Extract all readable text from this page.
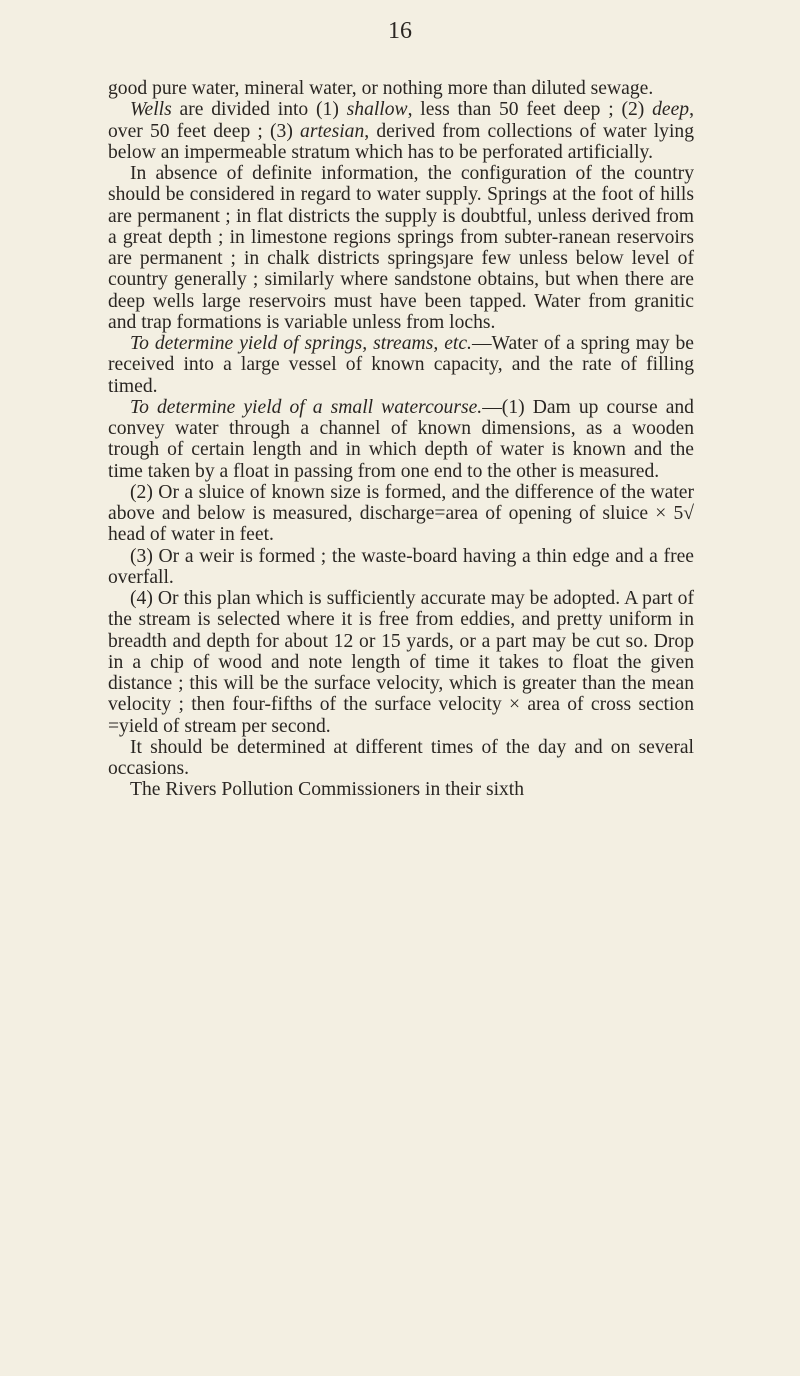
16

good pure water, mineral water, or nothing more than diluted sewage.

Wells are divided into (1) shallow, less than 50 feet deep ; (2) deep, over 50 feet deep ; (3) artesian, derived from collections of water lying below an impermeable stratum which has to be perforated artificially.

In absence of definite information, the configuration of the country should be considered in regard to water supply. Springs at the foot of hills are permanent ; in flat districts the supply is doubtful, unless derived from a great depth ; in limestone regions springs from subter-ranean reservoirs are permanent ; in chalk districts springsȷare few unless below level of country generally ; similarly where sandstone obtains, but when there are deep wells large reservoirs must have been tapped. Water from granitic and trap formations is variable unless from lochs.

To determine yield of springs, streams, etc.—Water of a spring may be received into a large vessel of known capacity, and the rate of filling timed.

To determine yield of a small watercourse.—(1) Dam up course and convey water through a channel of known dimensions, as a wooden trough of certain length and in which depth of water is known and the time taken by a float in passing from one end to the other is measured.

(2) Or a sluice of known size is formed, and the difference of the water above and below is measured, discharge=area of opening of sluice × 5√ head of water in feet.

(3) Or a weir is formed ; the waste-board having a thin edge and a free overfall.

(4) Or this plan which is sufficiently accurate may be adopted. A part of the stream is selected where it is free from eddies, and pretty uniform in breadth and depth for about 12 or 15 yards, or a part may be cut so. Drop in a chip of wood and note length of time it takes to float the given distance ; this will be the surface velocity, which is greater than the mean velocity ; then four-fifths of the surface velocity × area of cross section =yield of stream per second.

It should be determined at different times of the day and on several occasions.

The Rivers Pollution Commissioners in their sixth
